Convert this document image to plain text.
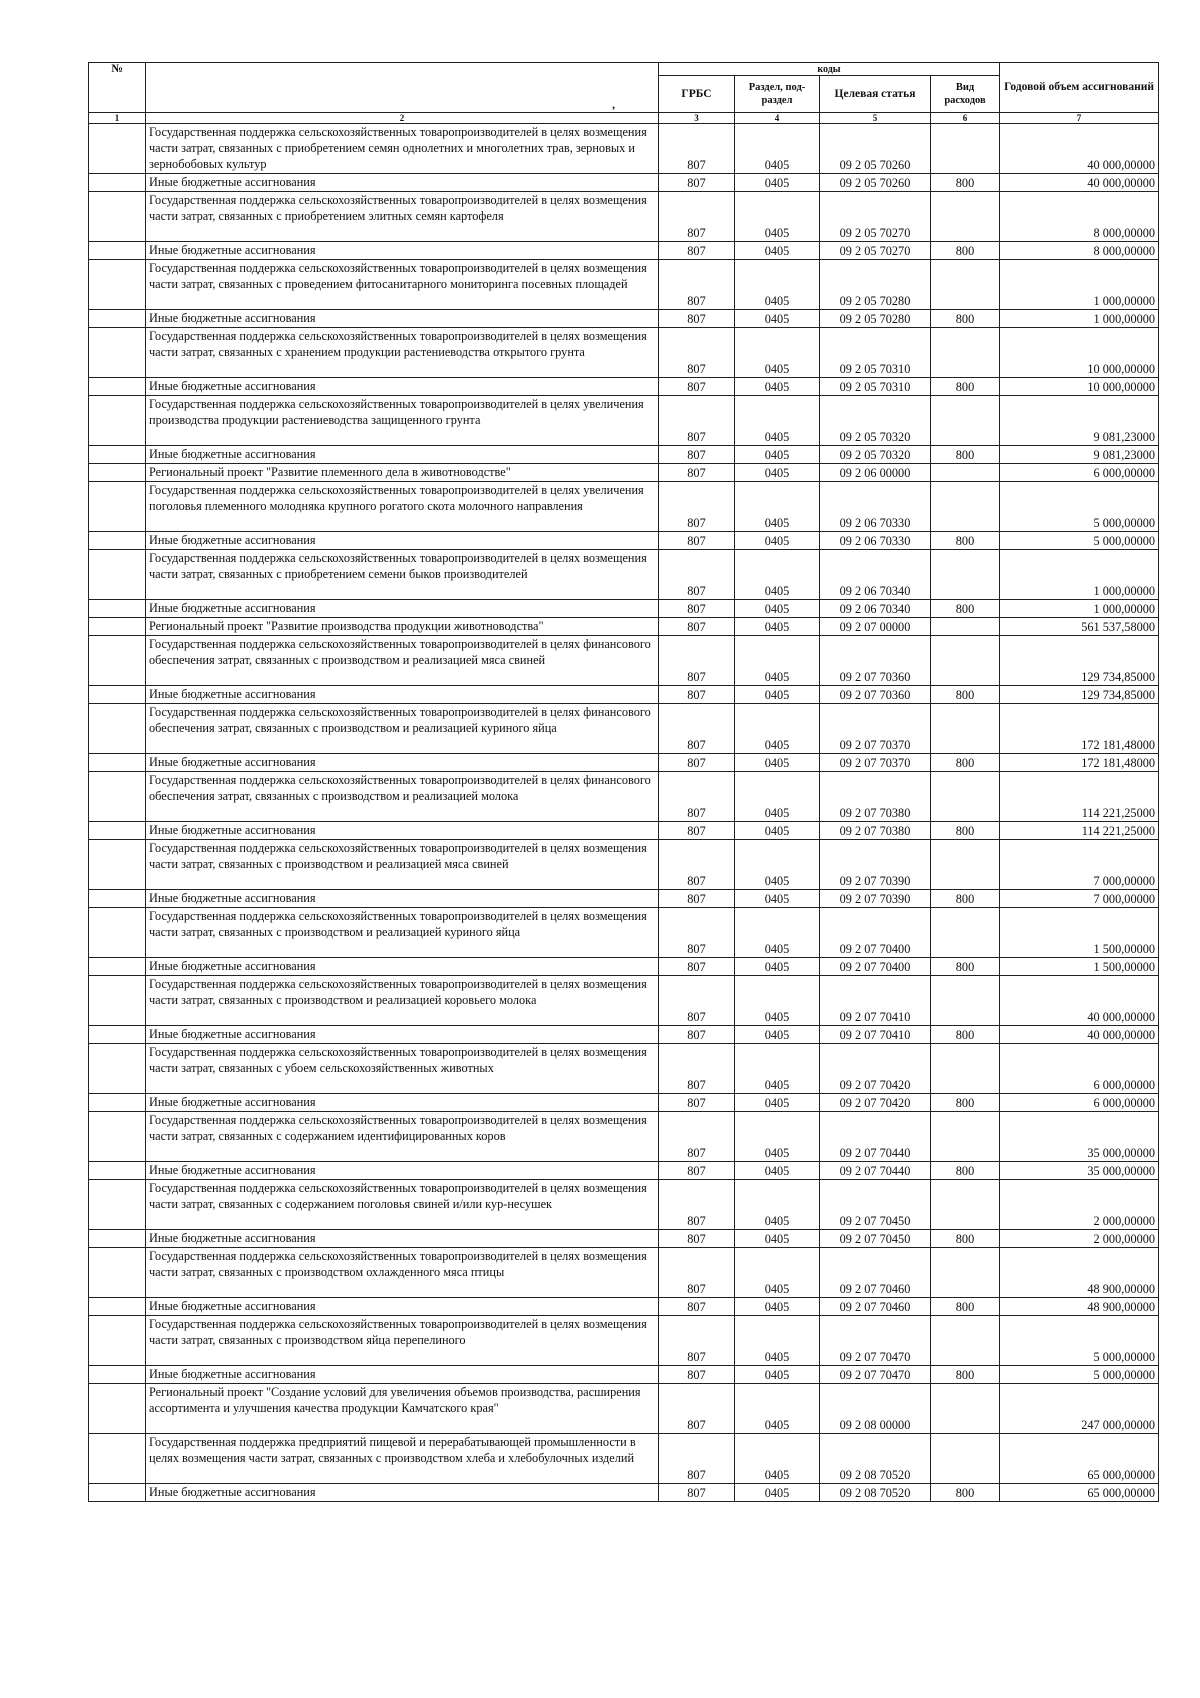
№	,	коды				Годовой объем ассигнований
		ГРБС	Раздел, под-раздел	Целевая статья	Вид расходов	
1	2	3	4	5	6	7
	Государственная поддержка сельскохозяйственных товаропроизводителей в целях возмещения части затрат, связанных с приобретением семян однолетних и многолетних трав, зерновых и зернобобовых культур	807	0405	09 2 05 70260		40 000,00000
	Иные бюджетные ассигнования	807	0405	09 2 05 70260	800	40 000,00000
	Государственная поддержка сельскохозяйственных товаропроизводителей в целях возмещения части затрат, связанных с приобретением элитных семян картофеля	807	0405	09 2 05 70270		8 000,00000
	Иные бюджетные ассигнования	807	0405	09 2 05 70270	800	8 000,00000
	Государственная поддержка сельскохозяйственных товаропроизводителей в целях возмещения части затрат, связанных с проведением фитосанитарного мониторинга посевных площадей	807	0405	09 2 05 70280		1 000,00000
	Иные бюджетные ассигнования	807	0405	09 2 05 70280	800	1 000,00000
	Государственная поддержка сельскохозяйственных товаропроизводителей в целях возмещения части затрат, связанных с хранением продукции растениеводства открытого грунта	807	0405	09 2 05 70310		10 000,00000
	Иные бюджетные ассигнования	807	0405	09 2 05 70310	800	10 000,00000
	Государственная поддержка сельскохозяйственных товаропроизводителей в целях увеличения производства продукции растениеводства защищенного грунта	807	0405	09 2 05 70320		9 081,23000
	Иные бюджетные ассигнования	807	0405	09 2 05 70320	800	9 081,23000
	Региональный проект "Развитие племенного дела в животноводстве"	807	0405	09 2 06 00000		6 000,00000
	Государственная поддержка сельскохозяйственных товаропроизводителей в целях увеличения поголовья племенного молодняка крупного рогатого скота молочного направления	807	0405	09 2 06 70330		5 000,00000
	Иные бюджетные ассигнования	807	0405	09 2 06 70330	800	5 000,00000
	Государственная поддержка сельскохозяйственных товаропроизводителей в целях возмещения части затрат, связанных с приобретением семени быков производителей	807	0405	09 2 06 70340		1 000,00000
	Иные бюджетные ассигнования	807	0405	09 2 06 70340	800	1 000,00000
	Региональный проект "Развитие производства продукции животноводства"	807	0405	09 2 07 00000		561 537,58000
	Государственная поддержка сельскохозяйственных товаропроизводителей в целях финансового обеспечения затрат, связанных с производством и реализацией мяса свиней	807	0405	09 2 07 70360		129 734,85000
	Иные бюджетные ассигнования	807	0405	09 2 07 70360	800	129 734,85000
	Государственная поддержка сельскохозяйственных товаропроизводителей в целях финансового обеспечения затрат, связанных с производством и реализацией куриного яйца	807	0405	09 2 07 70370		172 181,48000
	Иные бюджетные ассигнования	807	0405	09 2 07 70370	800	172 181,48000
	Государственная поддержка сельскохозяйственных товаропроизводителей в целях финансового обеспечения затрат, связанных с производством и реализацией молока	807	0405	09 2 07 70380		114 221,25000
	Иные бюджетные ассигнования	807	0405	09 2 07 70380	800	114 221,25000
	Государственная поддержка сельскохозяйственных товаропроизводителей в целях возмещения части затрат, связанных с производством и реализацией мяса свиней	807	0405	09 2 07 70390		7 000,00000
	Иные бюджетные ассигнования	807	0405	09 2 07 70390	800	7 000,00000
	Государственная поддержка сельскохозяйственных товаропроизводителей в целях возмещения части затрат, связанных с производством и реализацией куриного яйца	807	0405	09 2 07 70400		1 500,00000
	Иные бюджетные ассигнования	807	0405	09 2 07 70400	800	1 500,00000
	Государственная поддержка сельскохозяйственных товаропроизводителей в целях возмещения части затрат, связанных с производством и реализацией коровьего молока	807	0405	09 2 07 70410		40 000,00000
	Иные бюджетные ассигнования	807	0405	09 2 07 70410	800	40 000,00000
	Государственная поддержка сельскохозяйственных товаропроизводителей в целях возмещения части затрат, связанных с убоем сельскохозяйственных животных	807	0405	09 2 07 70420		6 000,00000
	Иные бюджетные ассигнования	807	0405	09 2 07 70420	800	6 000,00000
	Государственная поддержка сельскохозяйственных товаропроизводителей в целях возмещения части затрат, связанных с содержанием идентифицированных коров	807	0405	09 2 07 70440		35 000,00000
	Иные бюджетные ассигнования	807	0405	09 2 07 70440	800	35 000,00000
	Государственная поддержка сельскохозяйственных товаропроизводителей в целях возмещения части затрат, связанных с содержанием поголовья свиней и/или кур-несушек	807	0405	09 2 07 70450		2 000,00000
	Иные бюджетные ассигнования	807	0405	09 2 07 70450	800	2 000,00000
	Государственная поддержка сельскохозяйственных товаропроизводителей в целях возмещения части затрат, связанных с производством охлажденного мяса птицы	807	0405	09 2 07 70460		48 900,00000
	Иные бюджетные ассигнования	807	0405	09 2 07 70460	800	48 900,00000
	Государственная поддержка сельскохозяйственных товаропроизводителей в целях возмещения части затрат, связанных с производством яйца перепелиного	807	0405	09 2 07 70470		5 000,00000
	Иные бюджетные ассигнования	807	0405	09 2 07 70470	800	5 000,00000
	Региональный проект "Создание условий для увеличения объемов производства, расширения ассортимента и улучшения качества продукции Камчатского края"	807	0405	09 2 08 00000		247 000,00000
	Государственная поддержка предприятий пищевой и перерабатывающей промышленности в целях возмещения части затрат, связанных с производством хлеба и хлебобулочных изделий	807	0405	09 2 08 70520		65 000,00000
	Иные бюджетные ассигнования	807	0405	09 2 08 70520	800	65 000,00000
